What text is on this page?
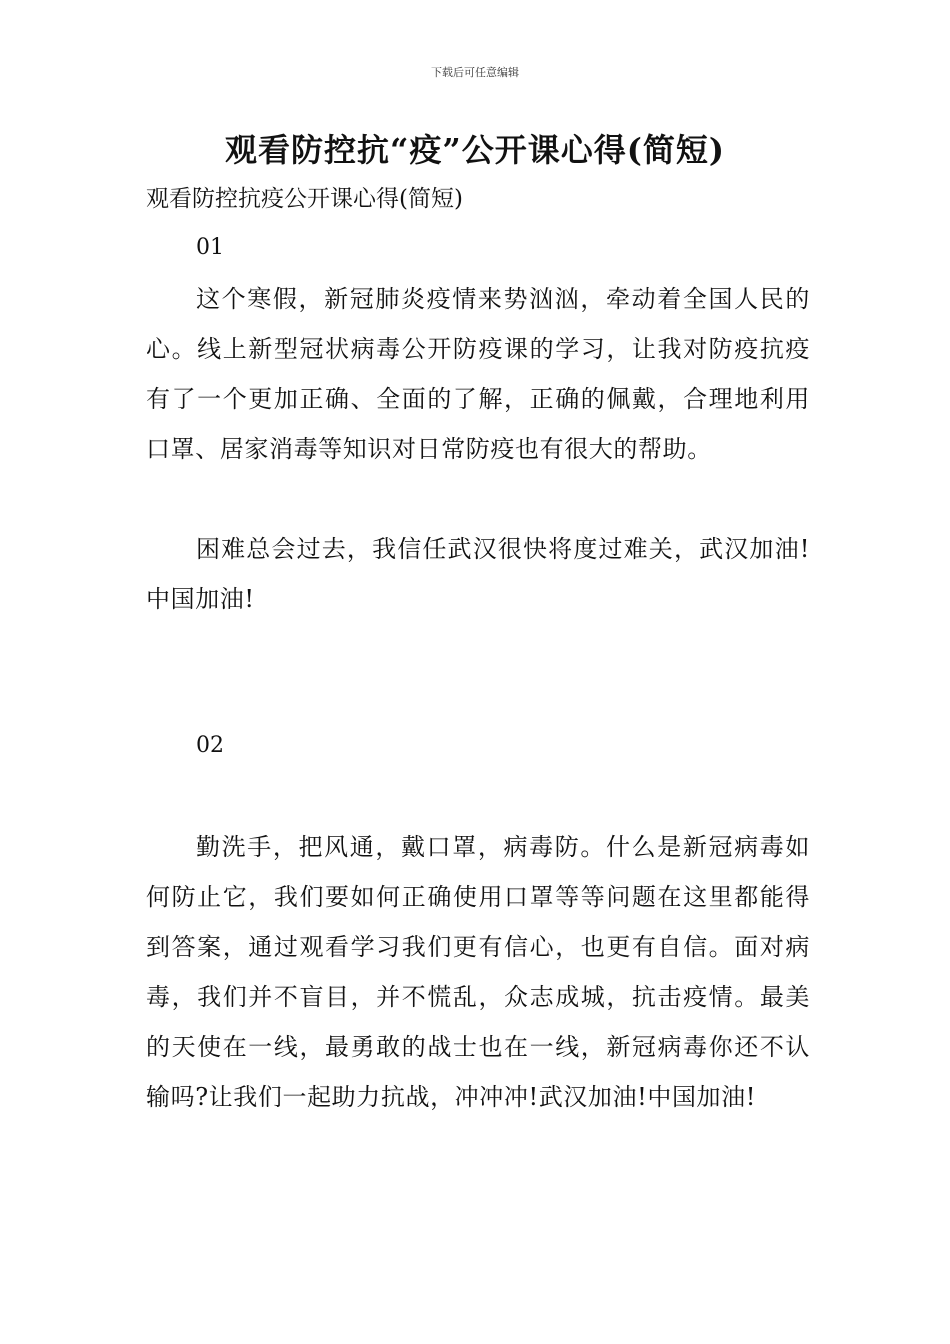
下载后可任意编辑
观看防控抗“疫”公开课心得(简短)

观看防控抗疫公开课心得(简短)

01

这个寒假，新冠肺炎疫情来势汹汹，牵动着全国人民的心。线上新型冠状病毒公开防疫课的学习，让我对防疫抗疫有了一个更加正确、全面的了解，正确的佩戴，合理地利用口罩、居家消毒等知识对日常防疫也有很大的帮助。

困难总会过去，我信任武汉很快将度过难关，武汉加油!中国加油!

02

勤洗手，把风通，戴口罩，病毒防。什么是新冠病毒如何防止它，我们要如何正确使用口罩等等问题在这里都能得到答案，通过观看学习我们更有信心，也更有自信。面对病毒，我们并不盲目，并不慌乱，众志成城，抗击疫情。最美的天使在一线，最勇敢的战士也在一线，新冠病毒你还不认输吗?让我们一起助力抗战，冲冲冲!武汉加油!中国加油!
